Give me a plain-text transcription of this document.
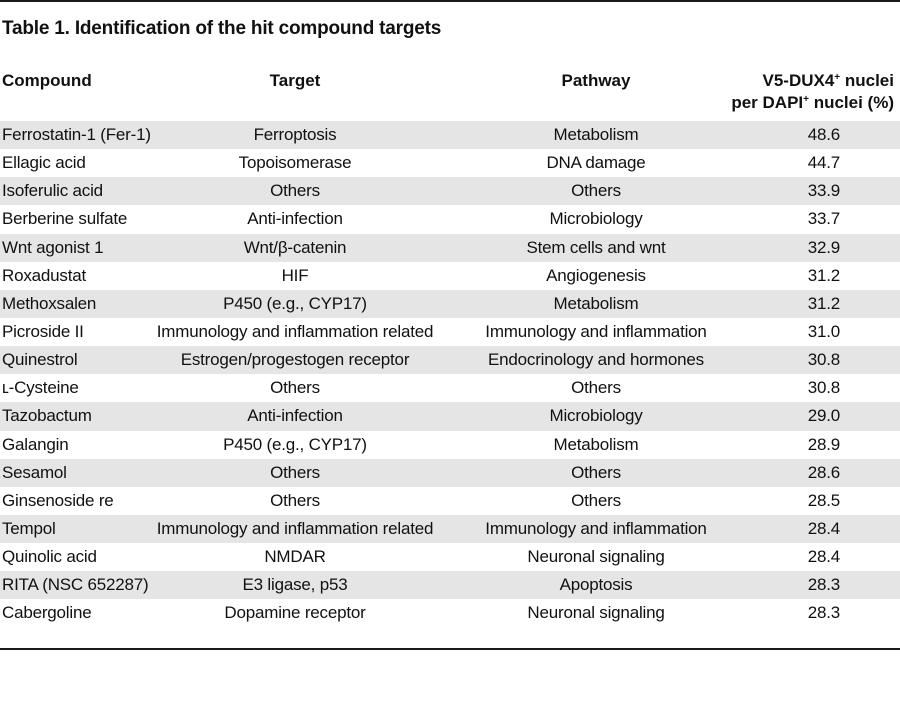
Table 1. Identification of the hit compound targets
Compound	Target	Pathway	V5-DUX4+ nuclei
per DAPI+ nuclei (%)
Ferrostatin-1 (Fer-1)	Ferroptosis	Metabolism	48.6
Ellagic acid	Topoisomerase	DNA damage	44.7
Isoferulic acid	Others	Others	33.9
Berberine sulfate	Anti-infection	Microbiology	33.7
Wnt agonist 1	Wnt/β-catenin	Stem cells and wnt	32.9
Roxadustat	HIF	Angiogenesis	31.2
Methoxsalen	P450 (e.g., CYP17)	Metabolism	31.2
Picroside II	Immunology and inflammation related	Immunology and inflammation	31.0
Quinestrol	Estrogen/progestogen receptor	Endocrinology and hormones	30.8
ʟ-Cysteine	Others	Others	30.8
Tazobactum	Anti-infection	Microbiology	29.0
Galangin	P450 (e.g., CYP17)	Metabolism	28.9
Sesamol	Others	Others	28.6
Ginsenoside re	Others	Others	28.5
Tempol	Immunology and inflammation related	Immunology and inflammation	28.4
Quinolic acid	NMDAR	Neuronal signaling	28.4
RITA (NSC 652287)	E3 ligase, p53	Apoptosis	28.3
Cabergoline	Dopamine receptor	Neuronal signaling	28.3
